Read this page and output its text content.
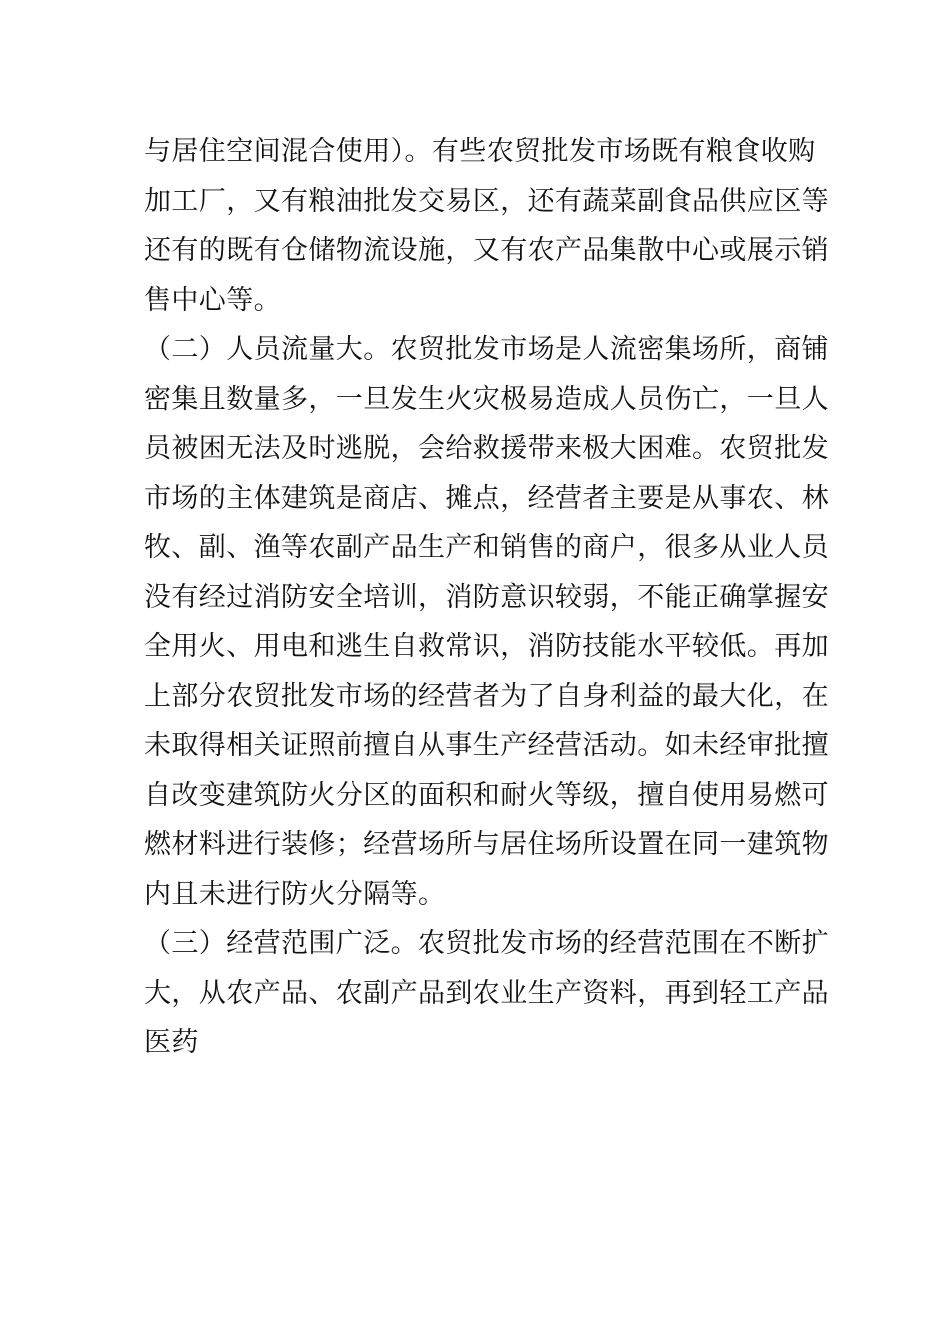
与居住空间混合使用）。有些农贸批发市场既有粮食收购
加工厂，又有粮油批发交易区，还有蔬菜副食品供应区等
还有的既有仓储物流设施，又有农产品集散中心或展示销
售中心等。
（二）人员流量大。农贸批发市场是人流密集场所，商铺
密集且数量多，一旦发生火灾极易造成人员伤亡，一旦人
员被困无法及时逃脱，会给救援带来极大困难。农贸批发
市场的主体建筑是商店、摊点，经营者主要是从事农、林
牧、副、渔等农副产品生产和销售的商户，很多从业人员
没有经过消防安全培训，消防意识较弱，不能正确掌握安
全用火、用电和逃生自救常识，消防技能水平较低。再加
上部分农贸批发市场的经营者为了自身利益的最大化，在
未取得相关证照前擅自从事生产经营活动。如未经审批擅
自改变建筑防火分区的面积和耐火等级，擅自使用易燃可
燃材料进行装修；经营场所与居住场所设置在同一建筑物
内且未进行防火分隔等。
（三）经营范围广泛。农贸批发市场的经营范围在不断扩
大，从农产品、农副产品到农业生产资料，再到轻工产品
医药
